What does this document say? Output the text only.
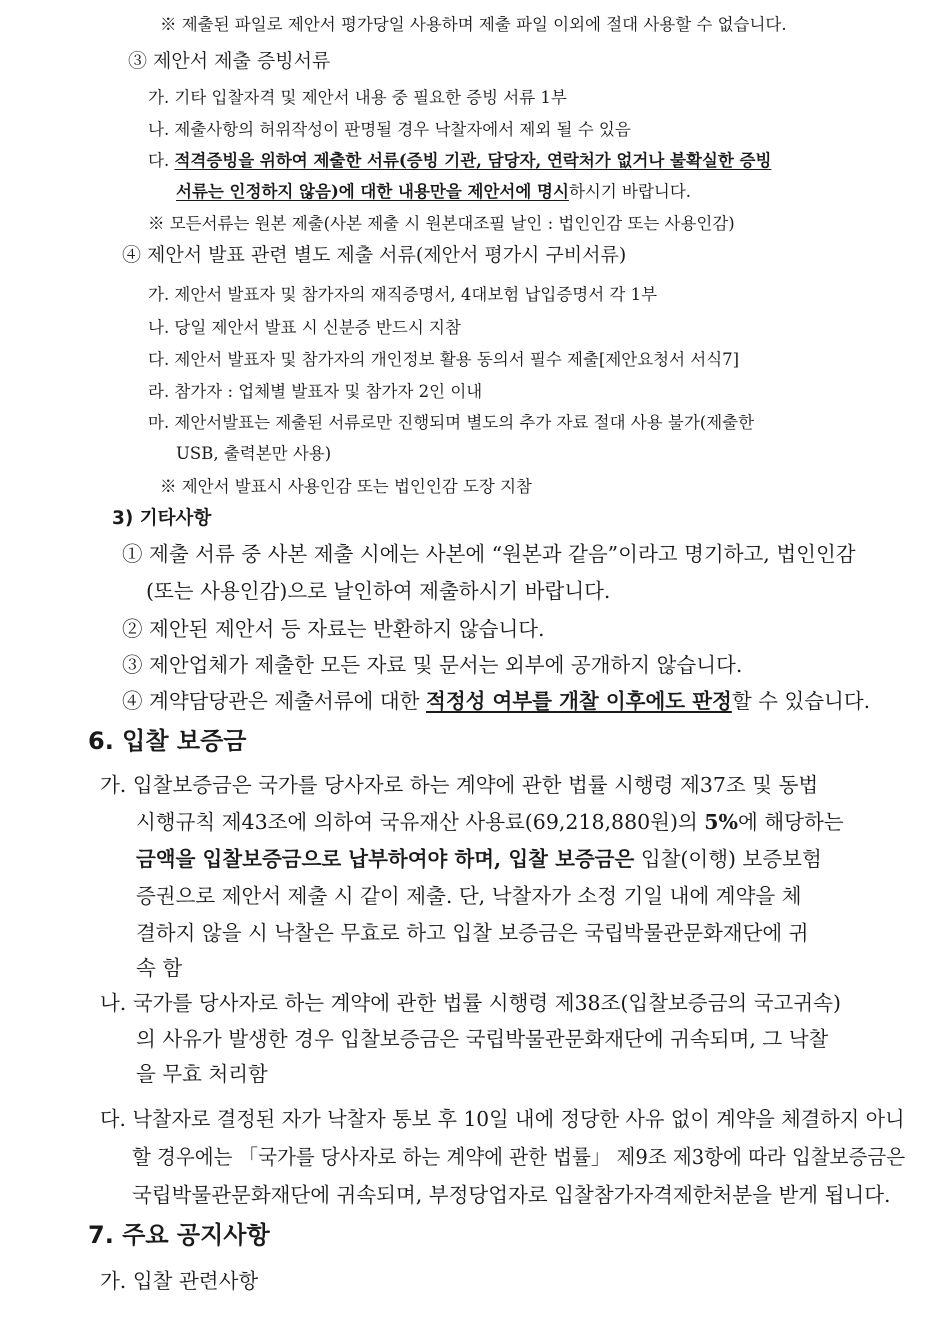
※ 제출된 파일로 제안서 평가당일 사용하며 제출 파일 이외에 절대 사용할 수 없습니다.
③ 제안서 제출 증빙서류
가. 기타 입찰자격 및 제안서 내용 중 필요한 증빙 서류 1부
나. 제출사항의 허위작성이 판명될 경우 낙찰자에서 제외 될 수 있음
다. 적격증빙을 위하여 제출한 서류(증빙 기관, 담당자, 연락처가 없거나 불확실한 증빙
서류는 인정하지 않음)에 대한 내용만을 제안서에 명시하시기 바랍니다.
※ 모든서류는 원본 제출(사본 제출 시 원본대조필 날인 : 법인인감 또는 사용인감)
④ 제안서 발표 관련 별도 제출 서류(제안서 평가시 구비서류)
가. 제안서 발표자 및 참가자의 재직증명서, 4대보험 납입증명서 각 1부
나. 당일 제안서 발표 시 신분증 반드시 지참
다. 제안서 발표자 및 참가자의 개인정보 활용 동의서 필수 제출[제안요청서 서식7]
라. 참가자 : 업체별 발표자 및 참가자 2인 이내
마. 제안서발표는 제출된 서류로만 진행되며 별도의 추가 자료 절대 사용 불가(제출한
USB, 출력본만 사용)
※ 제안서 발표시 사용인감 또는 법인인감 도장 지참
3) 기타사항
① 제출 서류 중 사본 제출 시에는 사본에 “원본과 같음”이라고 명기하고, 법인인감
(또는 사용인감)으로 날인하여 제출하시기 바랍니다.
② 제안된 제안서 등 자료는 반환하지 않습니다.
③ 제안업체가 제출한 모든 자료 및 문서는 외부에 공개하지 않습니다.
④ 계약담당관은 제출서류에 대한 적정성 여부를 개찰 이후에도 판정할 수 있습니다.
6. 입찰 보증금
가. 입찰보증금은 국가를 당사자로 하는 계약에 관한 법률 시행령 제37조 및 동법
시행규칙 제43조에 의하여 국유재산 사용료(69,218,880원)의 5%에 해당하는
금액을 입찰보증금으로 납부하여야 하며, 입찰 보증금은 입찰(이행) 보증보험
증권으로 제안서 제출 시 같이 제출. 단, 낙찰자가 소정 기일 내에 계약을 체
결하지 않을 시 낙찰은 무효로 하고 입찰 보증금은 국립박물관문화재단에 귀
속 함
나. 국가를 당사자로 하는 계약에 관한 법률 시행령 제38조(입찰보증금의 국고귀속)
의 사유가 발생한 경우 입찰보증금은 국립박물관문화재단에 귀속되며, 그 낙찰
을 무효 처리함
다. 낙찰자로 결정된 자가 낙찰자 통보 후 10일 내에 정당한 사유 없이 계약을 체결하지 아니
할 경우에는 「국가를 당사자로 하는 계약에 관한 법률」 제9조 제3항에 따라 입찰보증금은
국립박물관문화재단에 귀속되며, 부정당업자로 입찰참가자격제한처분을 받게 됩니다.
7. 주요 공지사항
가. 입찰 관련사항
